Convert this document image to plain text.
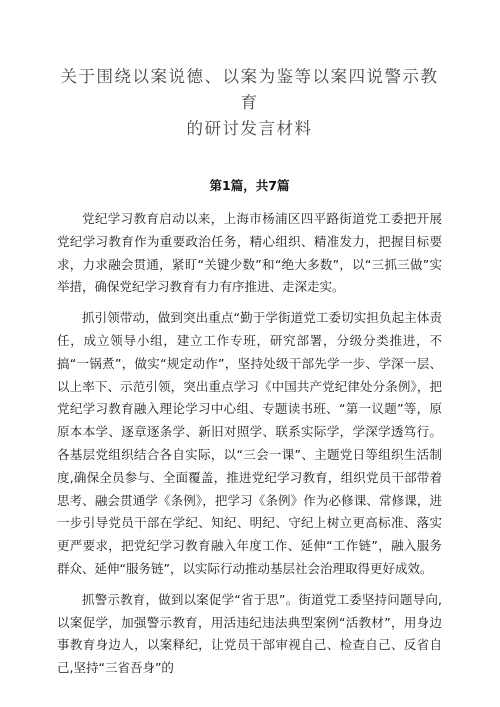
关于围绕以案说德、以案为鉴等以案四说警示教育
的研讨发言材料
第1篇，共7篇

党纪学习教育启动以来，上海市杨浦区四平路街道党工委把开展党纪学习教育作为重要政治任务，精心组织、精准发力，把握目标要求，力求融会贯通，紧盯“关键少数”和“绝大多数”，以“三抓三做”实举措，确保党纪学习教育有力有序推进、走深走实。

抓引领带动，做到突出重点“勤于学街道党工委切实担负起主体责任，成立领导小组，建立工作专班，研究部署，分级分类推进，不搞“一锅煮”，做实“规定动作”，坚持处级干部先学一步、学深一层、以上率下、示范引领，突出重点学习《中国共产党纪律处分条例》，把党纪学习教育融入理论学习中心组、专题读书班、“第一议题”等，原原本本学、逐章逐条学、新旧对照学、联系实际学，学深学透笃行。各基层党组织结合各自实际，以“三会一课”、主题党日等组织生活制度,确保全员参与、全面覆盖，推进党纪学习教育，组织党员干部带着思考、融会贯通学《条例》，把学习《条例》作为必修课、常修课，进一步引导党员干部在学纪、知纪、明纪、守纪上树立更高标准、落实更严要求，把党纪学习教育融入年度工作、延伸“工作链”，融入服务群众、延伸“服务链”，以实际行动推动基层社会治理取得更好成效。

抓警示教育，做到以案促学“省于思”。街道党工委坚持问题导向,以案促学，加强警示教育，用活违纪违法典型案例“活教材”，用身边事教育身边人，以案释纪，让党员干部审视自己、检查自己、反省自己,坚持“三省吾身”的
